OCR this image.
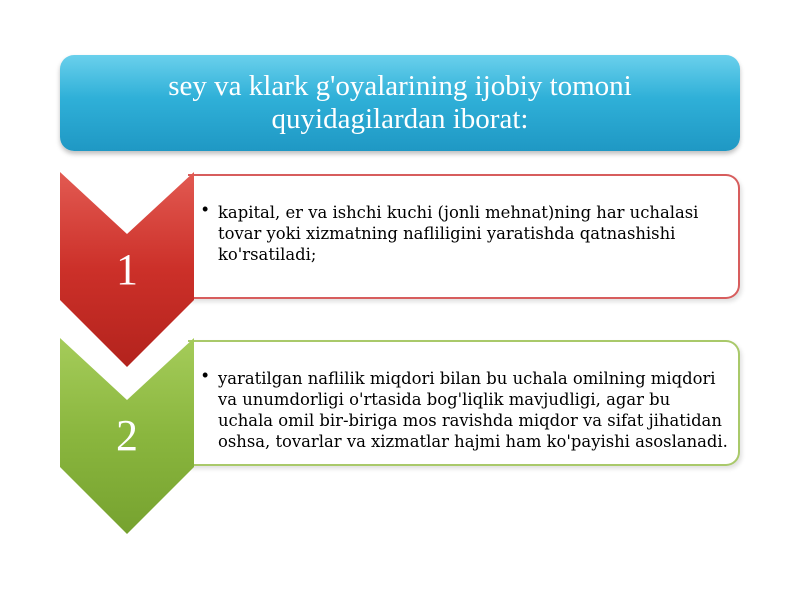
sey va klark g'oyalarining ijobiy tomoni quyidagilardan iborat:
• kapital, er va ishchi kuchi (jonli mehnat)ning har uchalasi tovar yoki xizmatning nafliligini yaratishda qatnashishi ko'rsatiladi;
• yaratilgan naflilik miqdori bilan bu uchala omilning miqdori va unumdorligi o'rtasida bog'liqlik mavjudligi, agar bu uchala omil bir-biriga mos ravishda miqdor va sifat jihatidan oshsa, tovarlar va xizmatlar hajmi ham ko'payishi asoslanadi.
1
2
